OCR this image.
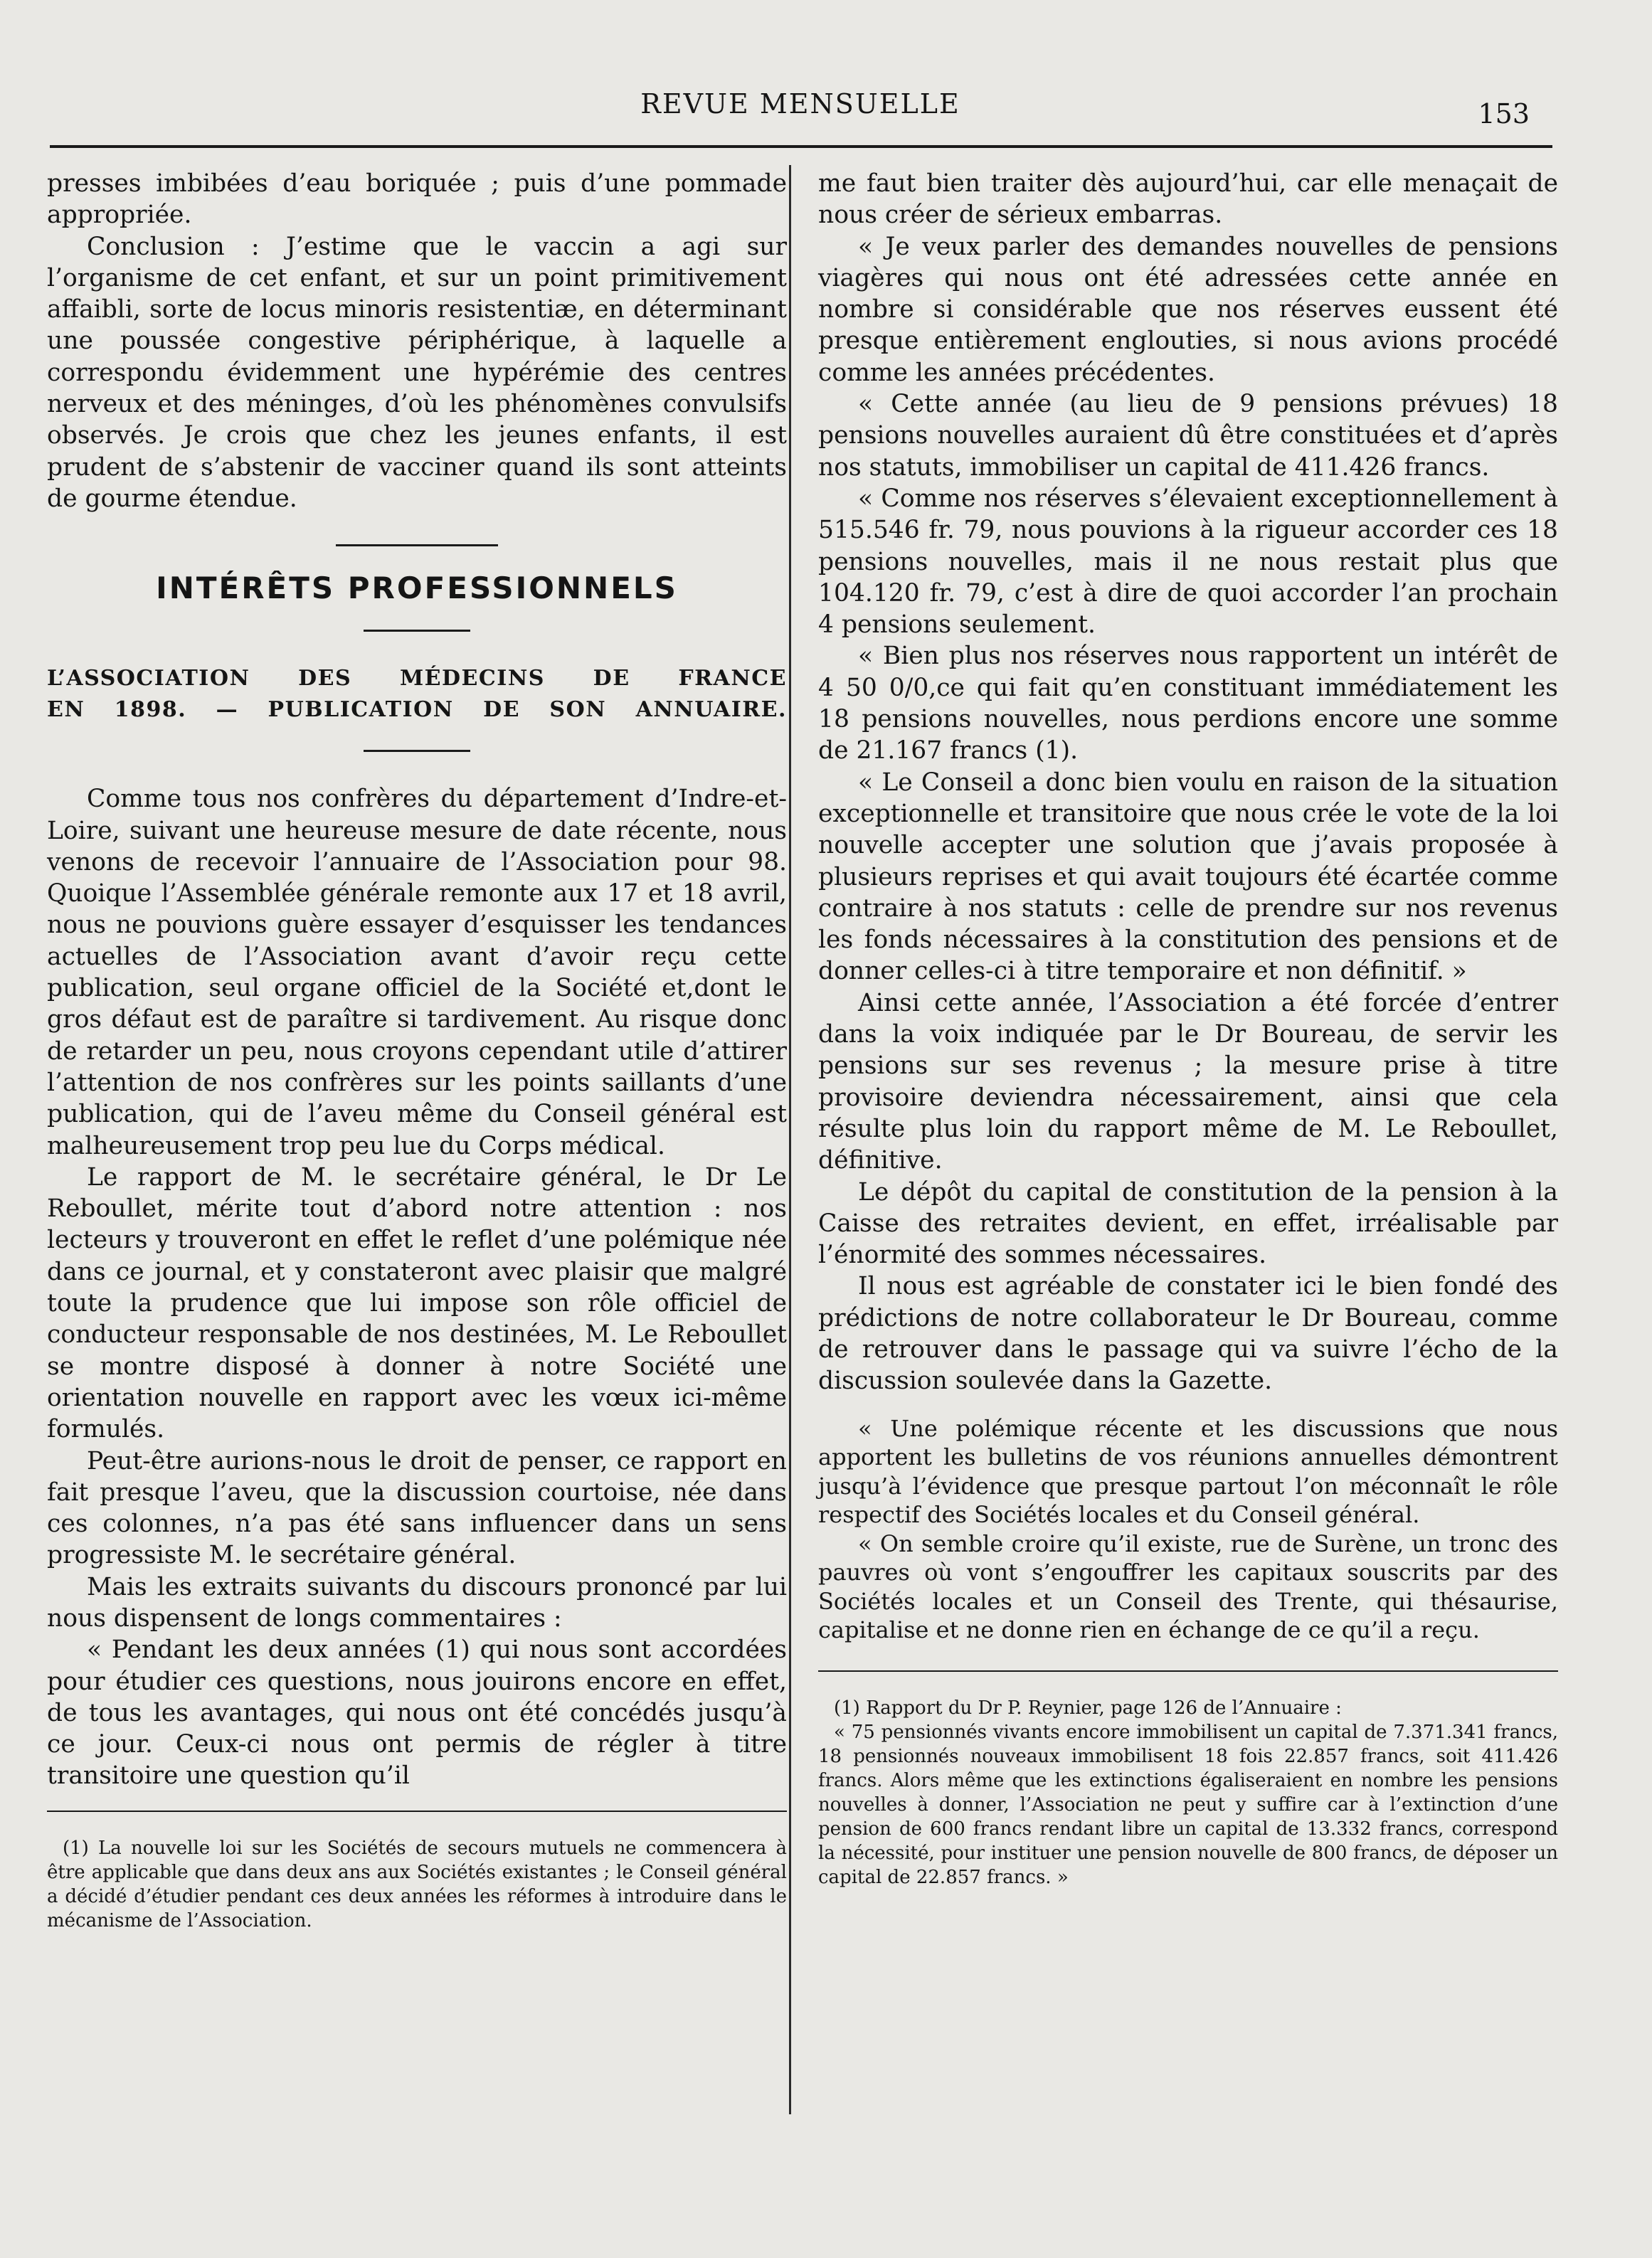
REVUE MENSUELLE	153

presses imbibées d’eau boriquée ; puis d’une pommade appropriée.

Conclusion : J’estime que le vaccin a agi sur l’organisme de cet enfant, et sur un point primitivement affaibli, sorte de locus minoris resistentiæ, en déterminant une poussée congestive périphérique, à laquelle a correspondu évidemment une hypérémie des centres nerveux et des méninges, d’où les phénomènes convulsifs observés. Je crois que chez les jeunes enfants, il est prudent de s’abstenir de vacciner quand ils sont atteints de gourme étendue.

INTÉRÊTS PROFESSIONNELS
L’ASSOCIATION DES MÉDECINS DE FRANCE
EN 1898. — PUBLICATION DE SON ANNUAIRE.

Comme tous nos confrères du département d’Indre-et-Loire, suivant une heureuse mesure de date récente, nous venons de recevoir l’annuaire de l’Association pour 98. Quoique l’Assemblée générale remonte aux 17 et 18 avril, nous ne pouvions guère essayer d’esquisser les tendances actuelles de l’Association avant d’avoir reçu cette publication, seul organe officiel de la Société et,dont le gros défaut est de paraître si tardivement. Au risque donc de retarder un peu, nous croyons cependant utile d’attirer l’attention de nos confrères sur les points saillants d’une publication, qui de l’aveu même du Conseil général est malheureusement trop peu lue du Corps médical.

Le rapport de M. le secrétaire général, le Dr Le Reboullet, mérite tout d’abord notre attention : nos lecteurs y trouveront en effet le reflet d’une polémique née dans ce journal, et y constateront avec plaisir que malgré toute la prudence que lui impose son rôle officiel de conducteur responsable de nos destinées, M. Le Reboullet se montre disposé à donner à notre Société une orientation nouvelle en rapport avec les vœux ici-même formulés.

Peut-être aurions-nous le droit de penser, ce rapport en fait presque l’aveu, que la discussion courtoise, née dans ces colonnes, n’a pas été sans influencer dans un sens progressiste M. le secrétaire général.

Mais les extraits suivants du discours prononcé par lui nous dispensent de longs commentaires :

« Pendant les deux années (1) qui nous sont accordées pour étudier ces questions, nous jouirons encore en effet, de tous les avantages, qui nous ont été concédés jusqu’à ce jour. Ceux-ci nous ont permis de régler à titre transitoire une question qu’il

(1) La nouvelle loi sur les Sociétés de secours mutuels ne commencera à être applicable que dans deux ans aux Sociétés existantes ; le Conseil général a décidé d’étudier pendant ces deux années les réformes à introduire dans le mécanisme de l’Association.

me faut bien traiter dès aujourd’hui, car elle menaçait de nous créer de sérieux embarras.

« Je veux parler des demandes nouvelles de pensions viagères qui nous ont été adressées cette année en nombre si considérable que nos réserves eussent été presque entièrement englouties, si nous avions procédé comme les années précédentes.

« Cette année (au lieu de 9 pensions prévues) 18 pensions nouvelles auraient dû être constituées et d’après nos statuts, immobiliser un capital de 411.426 francs.

« Comme nos réserves s’élevaient exceptionnellement à 515.546 fr. 79, nous pouvions à la rigueur accorder ces 18 pensions nouvelles, mais il ne nous restait plus que 104.120 fr. 79, c’est à dire de quoi accorder l’an prochain 4 pensions seulement.

« Bien plus nos réserves nous rapportent un intérêt de 4 50 0/0,ce qui fait qu’en constituant immédiatement les 18 pensions nouvelles, nous perdions encore une somme de 21.167 francs (1).

« Le Conseil a donc bien voulu en raison de la situation exceptionnelle et transitoire que nous crée le vote de la loi nouvelle accepter une solution que j’avais proposée à plusieurs reprises et qui avait toujours été écartée comme contraire à nos statuts : celle de prendre sur nos revenus les fonds nécessaires à la constitution des pensions et de donner celles-ci à titre temporaire et non définitif. »

Ainsi cette année, l’Association a été forcée d’entrer dans la voix indiquée par le Dr Boureau, de servir les pensions sur ses revenus ; la mesure prise à titre provisoire deviendra nécessairement, ainsi que cela résulte plus loin du rapport même de M. Le Reboullet, définitive.

Le dépôt du capital de constitution de la pension à la Caisse des retraites devient, en effet, irréalisable par l’énormité des sommes nécessaires.

Il nous est agréable de constater ici le bien fondé des prédictions de notre collaborateur le Dr Boureau, comme de retrouver dans le passage qui va suivre l’écho de la discussion soulevée dans la Gazette.

« Une polémique récente et les discussions que nous apportent les bulletins de vos réunions annuelles démontrent jusqu’à l’évidence que presque partout l’on méconnaît le rôle respectif des Sociétés locales et du Conseil général.

« On semble croire qu’il existe, rue de Surène, un tronc des pauvres où vont s’engouffrer les capitaux souscrits par des Sociétés locales et un Conseil des Trente, qui thésaurise, capitalise et ne donne rien en échange de ce qu’il a reçu.

(1) Rapport du Dr P. Reynier, page 126 de l’Annuaire :

« 75 pensionnés vivants encore immobilisent un capital de 7.371.341 francs, 18 pensionnés nouveaux immobilisent 18 fois 22.857 francs, soit 411.426 francs. Alors même que les extinctions égaliseraient en nombre les pensions nouvelles à donner, l’Association ne peut y suffire car à l’extinction d’une pension de 600 francs rendant libre un capital de 13.332 francs, correspond la nécessité, pour instituer une pension nouvelle de 800 francs, de déposer un capital de 22.857 francs. »
